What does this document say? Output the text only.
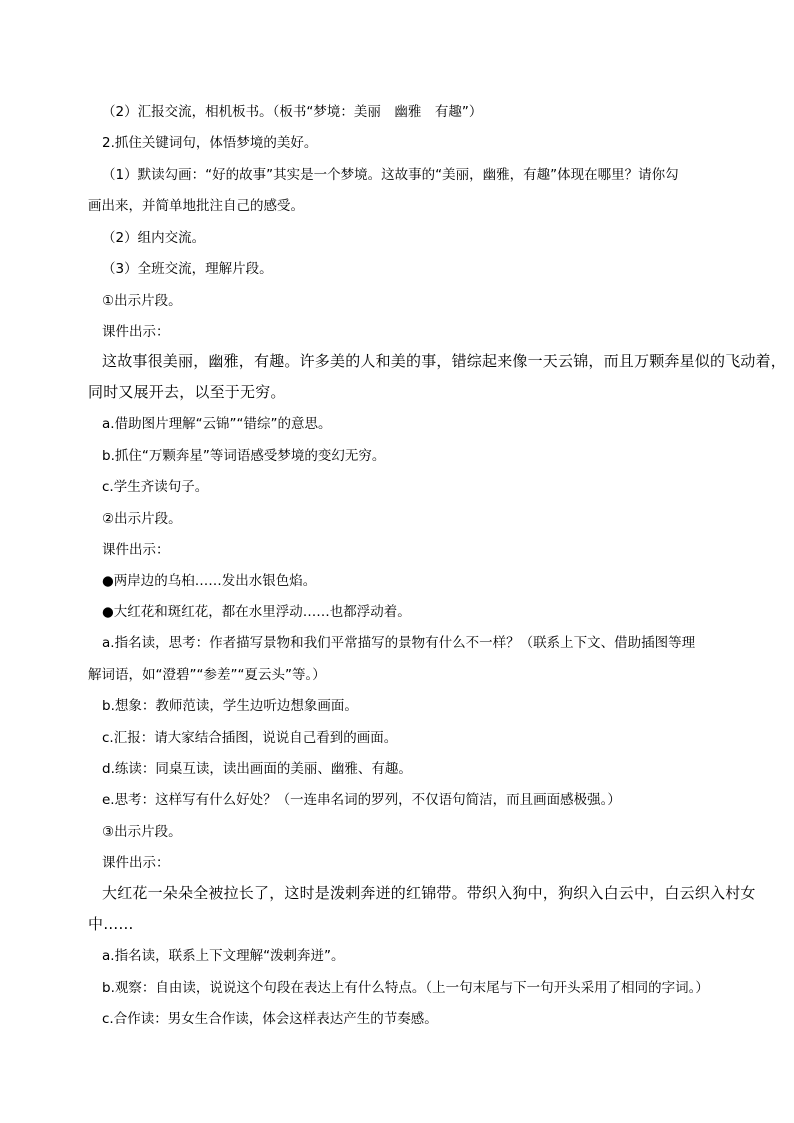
（2）汇报交流，相机板书。（板书“梦境：美丽　幽雅　有趣”）
2.抓住关键词句，体悟梦境的美好。
（1）默读勾画：“好的故事”其实是一个梦境。这故事的“美丽，幽雅，有趣”体现在哪里？请你勾
画出来，并简单地批注自己的感受。
（2）组内交流。
（3）全班交流，理解片段。
①出示片段。
课件出示：
这故事很美丽，幽雅，有趣。许多美的人和美的事，错综起来像一天云锦，而且万颗奔星似的飞动着，
同时又展开去，以至于无穷。
a.借助图片理解“云锦”“错综”的意思。
b.抓住“万颗奔星”等词语感受梦境的变幻无穷。
c.学生齐读句子。
②出示片段。
课件出示：
●两岸边的乌桕……发出水银色焰。
●大红花和斑红花，都在水里浮动……也都浮动着。
a.指名读，思考：作者描写景物和我们平常描写的景物有什么不一样？（联系上下文、借助插图等理
解词语，如“澄碧”“参差”“夏云头”等。）
b.想象：教师范读，学生边听边想象画面。
c.汇报：请大家结合插图，说说自己看到的画面。
d.练读：同桌互读，读出画面的美丽、幽雅、有趣。
e.思考：这样写有什么好处？（一连串名词的罗列，不仅语句简洁，而且画面感极强。）
③出示片段。
课件出示：
大红花一朵朵全被拉长了，这时是泼剌奔迸的红锦带。带织入狗中，狗织入白云中，白云织入村女
中……
a.指名读，联系上下文理解“泼剌奔迸”。
b.观察：自由读，说说这个句段在表达上有什么特点。（上一句末尾与下一句开头采用了相同的字词。）
c.合作读：男女生合作读，体会这样表达产生的节奏感。
